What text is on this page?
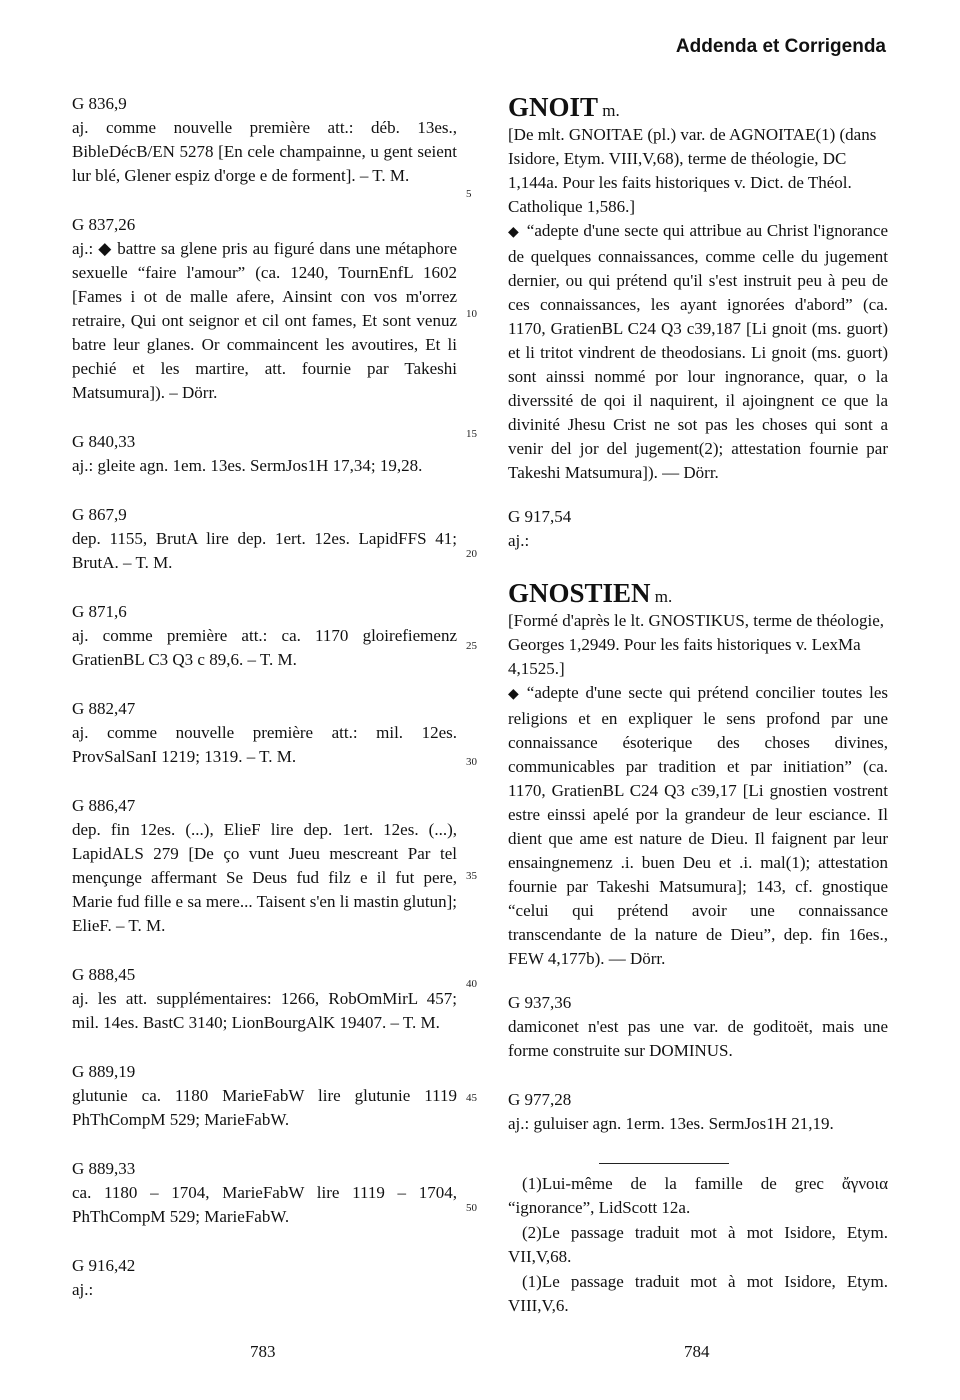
Addenda et Corrigenda
G 836,9
aj. comme nouvelle première att.: déb. 13es., BibleDécB/EN 5278 [En cele champainne, u gent seient lur blé, Glener espiz d'orge e de forment]. – T. M.
G 837,26
aj.: ◆ battre sa glene pris au figuré dans une métaphore sexuelle “faire l'amour” (ca. 1240, TournEnfL 1602 [Fames i ot de malle afere, Ainsint con vos m'orrez retraire, Qui ont seignor et cil ont fames, Et sont venuz batre leur glanes. Or commaincent les avoutires, Et li pechié et les martire, att. fournie par Takeshi Matsumura]). – Dörr.
G 840,33
aj.: gleite agn. 1em. 13es. SermJos1H 17,34; 19,28.
G 867,9
dep. 1155, BrutA lire dep. 1ert. 12es. LapidFFS 41; BrutA. – T. M.
G 871,6
aj. comme première att.: ca. 1170 gloirefiemenz GratienBL C3 Q3 c 89,6. – T. M.
G 882,47
aj. comme nouvelle première att.: mil. 12es. ProvSalSanI 1219; 1319. – T. M.
G 886,47
dep. fin 12es. (...), ElieF lire dep. 1ert. 12es. (...), LapidALS 279 [De ço vunt Jueu mescreant Par tel mençunge affermant Se Deus fud filz e il fut pere, Marie fud fille e sa mere... Taisent s'en li mastin glutun]; ElieF. – T. M.
G 888,45
aj. les att. supplémentaires: 1266, RobOmMirL 457; mil. 14es. BastC 3140; LionBourgAlK 19407. – T. M.
G 889,19
glutunie ca. 1180 MarieFabW lire glutunie 1119 PhThCompM 529; MarieFabW.
G 889,33
ca. 1180 – 1704, MarieFabW lire 1119 – 1704, PhThCompM 529; MarieFabW.
G 916,42
aj.:
5
10
15
20
25
30
35
40
45
50
GNOIT m.
[De mlt. GNOITAE (pl.) var. de AGNOITAE(1) (dans Isidore, Etym. VIII,V,68), terme de théologie, DC 1,144a. Pour les faits historiques v. Dict. de Théol. Catholique 1,586.]
◆ “adepte d'une secte qui attribue au Christ l'ignorance de quelques connaissances, comme celle du jugement dernier, ou qui prétend qu'il s'est instruit peu à peu de ces connaissances, les ayant ignorées d'abord” (ca. 1170, GratienBL C24 Q3 c39,187 [Li gnoit (ms. guort) et li tritot vindrent de theodosians. Li gnoit (ms. guort) sont ainssi nommé por lour ingnorance, quar, o la diverssité de qoi il naquirent, il ajoingnent ce que la divinité Jhesu Crist ne sot pas les choses qui sont a venir del jor del jugement(2); attestation fournie par Takeshi Matsumura]). — Dörr.
G 917,54
aj.:
GNOSTIEN m.
[Formé d'après le lt. GNOSTIKUS, terme de théologie, Georges 1,2949. Pour les faits historiques v. LexMa 4,1525.]
◆ “adepte d'une secte qui prétend concilier toutes les religions et en expliquer le sens profond par une connaissance ésoterique des choses divines, communicables par tradition et par initiation” (ca. 1170, GratienBL C24 Q3 c39,17 [Li gnostien vostrent estre einssi apelé por la grandeur de leur esciance. Il dient que ame est nature de Dieu. Il faignent par leur ensaingnemenz .i. buen Deu et .i. mal(1); attestation fournie par Takeshi Matsumura]; 143, cf. gnostique “celui qui prétend avoir une connaissance transcendante de la nature de Dieu”, dep. fin 16es., FEW 4,177b). — Dörr.
G 937,36
damiconet n'est pas une var. de goditoët, mais une forme construite sur DOMINUS.
G 977,28
aj.: guluiser agn. 1erm. 13es. SermJos1H 21,19.

(1)Lui-même de la famille de grec ἄγνοια “ignorance”, LidScott 12a.

(2)Le passage traduit mot à mot Isidore, Etym. VII,V,68.

(1)Le passage traduit mot à mot Isidore, Etym. VIII,V,6.

783	784
